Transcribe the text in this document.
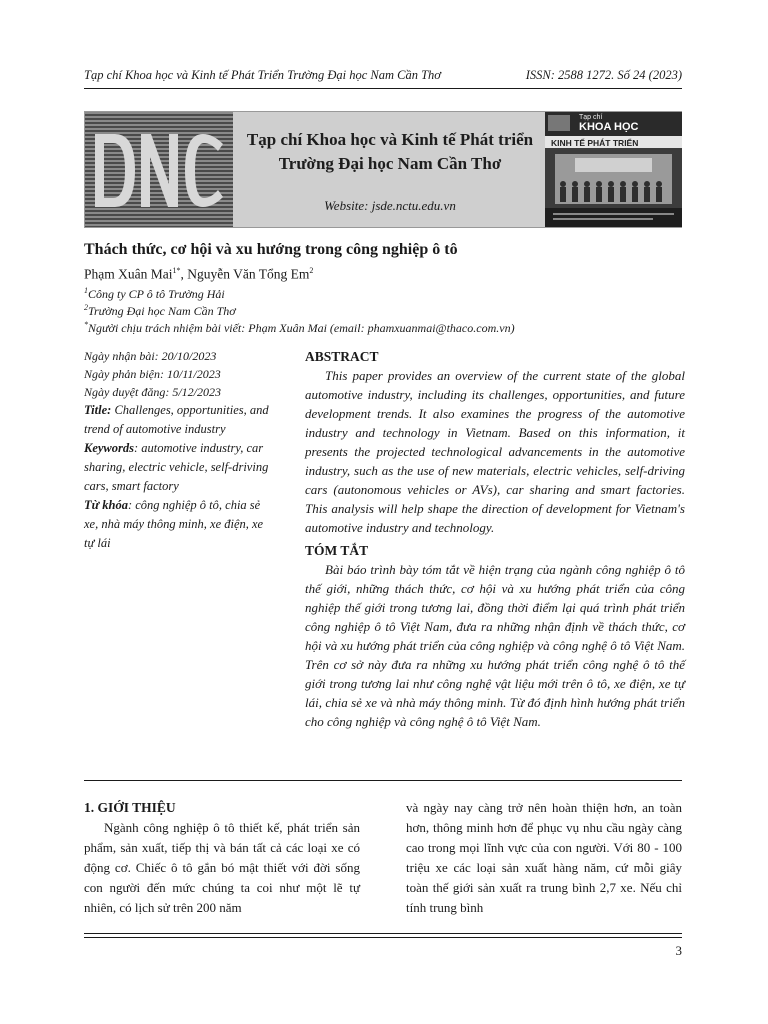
Tạp chí Khoa học và Kinh tế Phát Triển Trường Đại học Nam Cần Thơ	ISSN: 2588 1272. Số 24 (2023)
Tạp chí Khoa học và Kinh tế Phát triển
Trường Đại học Nam Cần Thơ
Website: jsde.nctu.edu.vn
Tạp chí
KHOA HỌC
KINH TẾ PHÁT TRIỂN
Thách thức, cơ hội và xu hướng trong công nghiệp ô tô
Phạm Xuân Mai$^{1*}$, Nguyễn Văn Tổng Em$^2$
$^1$Công ty CP ô tô Trường Hải
$^2$Trường Đại học Nam Cần Thơ
*Người chịu trách nhiệm bài viết: Phạm Xuân Mai (email: phamxuanmai@thaco.com.vn)
Ngày nhận bài: 20/10/2023
Ngày phản biện: 10/11/2023
Ngày duyệt đăng: 5/12/2023
Title: Challenges, opportunities, and trend of automotive industry
Keywords: automotive industry, car sharing, electric vehicle, self-driving cars, smart factory
Từ khóa: công nghiệp ô tô, chia sẻ xe, nhà máy thông minh, xe điện, xe tự lái
ABSTRACT

This paper provides an overview of the current state of the global automotive industry, including its challenges, opportunities, and future development trends. It also examines the progress of the automotive industry and technology in Vietnam. Based on this information, it presents the projected technological advancements in the automotive industry, such as the use of new materials, electric vehicles, self-driving cars (autonomous vehicles or AVs), car sharing and smart factories. This analysis will help shape the direction of development for Vietnam's automotive industry and technology.

TÓM TẮT

Bài báo trình bày tóm tắt về hiện trạng của ngành công nghiệp ô tô thế giới, những thách thức, cơ hội và xu hướng phát triển của công nghiệp thế giới trong tương lai, đồng thời điểm lại quá trình phát triển công nghiệp ô tô Việt Nam, đưa ra những nhận định về thách thức, cơ hội và xu hướng phát triển của công nghiệp và công nghệ ô tô Việt Nam. Trên cơ sở này đưa ra những xu hướng phát triển công nghệ ô tô thế giới trong tương lai như công nghệ vật liệu mới trên ô tô, xe điện, xe tự lái, chia sẻ xe và nhà máy thông minh. Từ đó định hình hướng phát triển cho công nghiệp và công nghệ ô tô Việt Nam.

1. GIỚI THIỆU

Ngành công nghiệp ô tô thiết kế, phát triển sản phẩm, sản xuất, tiếp thị và bán tất cả các loại xe có động cơ. Chiếc ô tô gắn bó mật thiết với đời sống con người đến mức chúng ta coi như một lẽ tự nhiên, có lịch sử trên 200 năm

và ngày nay càng trở nên hoàn thiện hơn, an toàn hơn, thông minh hơn để phục vụ nhu cầu ngày càng cao trong mọi lĩnh vực của con người. Với 80 - 100 triệu xe các loại sản xuất hàng năm, cứ mỗi giây toàn thế giới sản xuất ra trung bình 2,7 xe. Nếu chỉ tính trung bình

3
